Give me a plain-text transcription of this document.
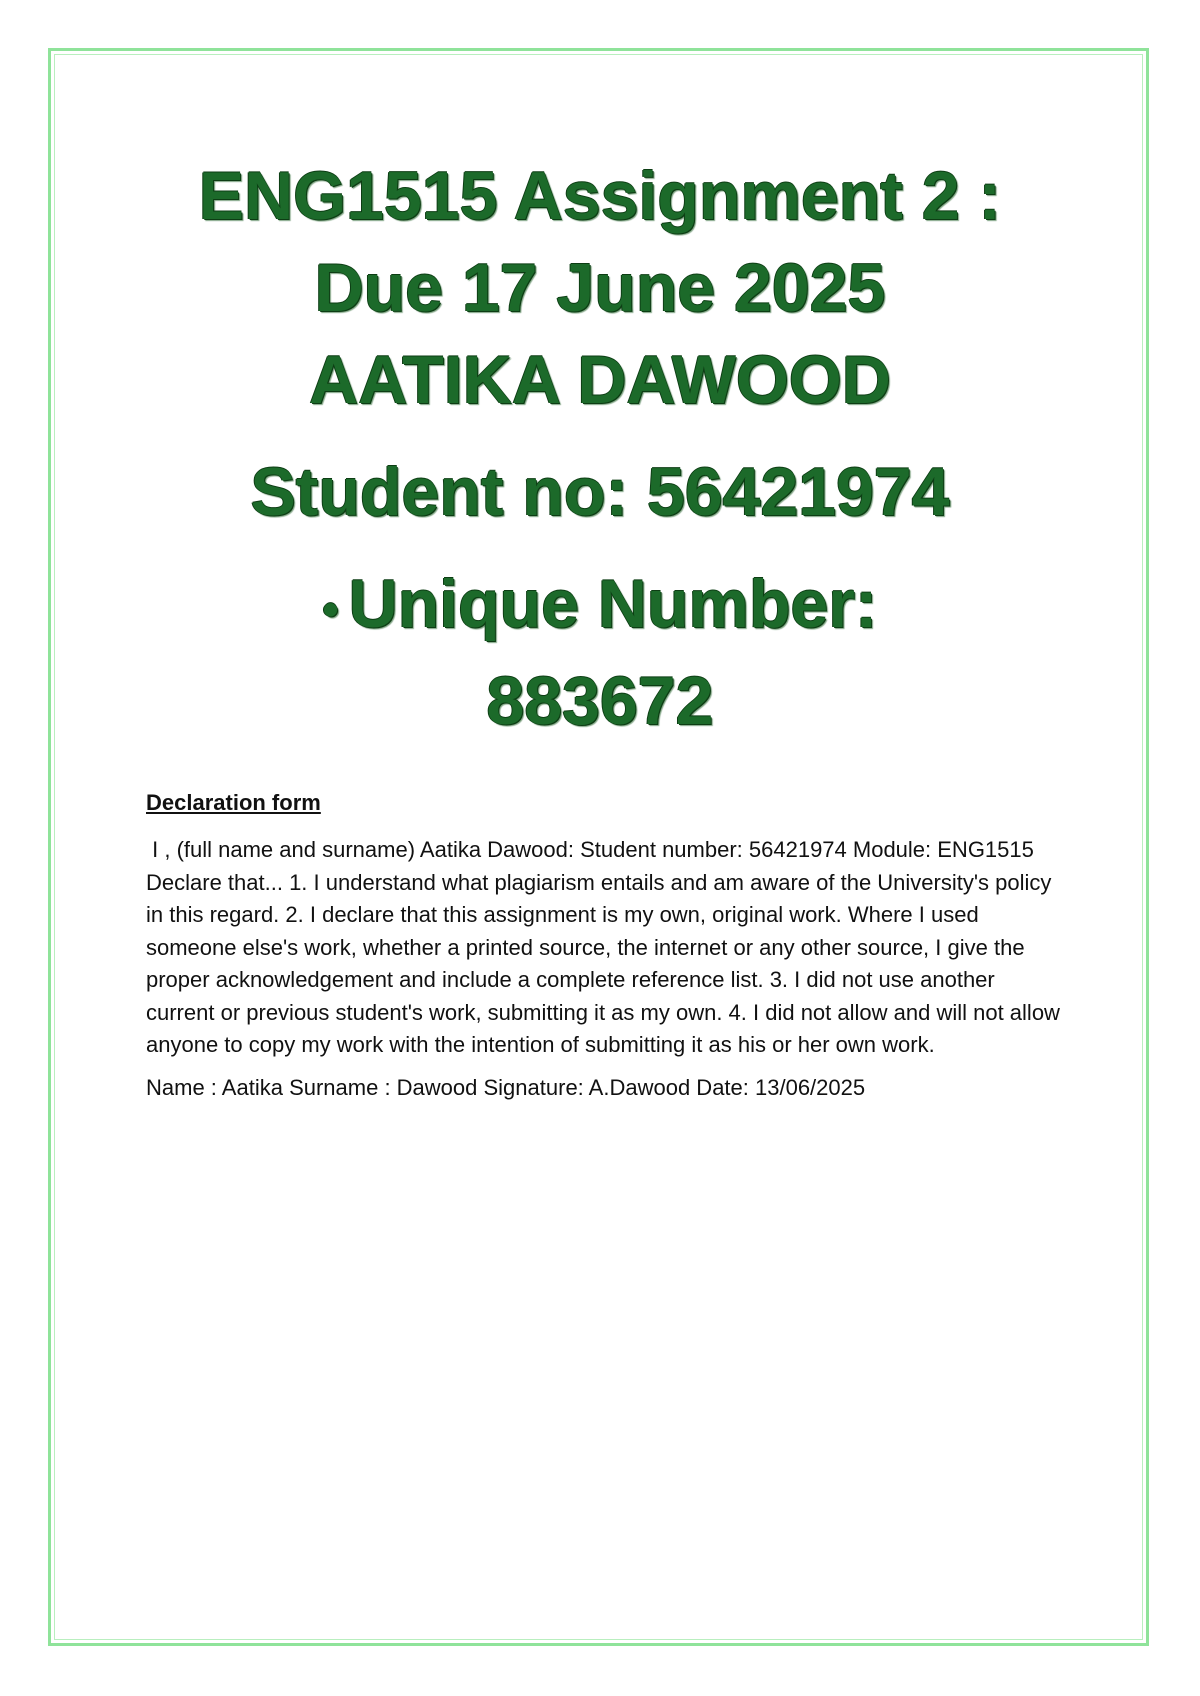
ENG1515 Assignment 2 :
Due 17 June 2025
AATIKA DAWOOD
Student no: 56421974
• Unique Number:
883672

Declaration form

I , (full name and surname) Aatika Dawood: Student number: 56421974 Module: ENG1515  Declare that... 1. I understand what plagiarism entails and am aware of the University's policy in this regard. 2. I declare that this assignment is my own, original work. Where I used someone else's work, whether a printed source, the internet or any other source, I give the proper acknowledgement and include a complete reference list. 3. I did not use another current or previous student's work, submitting it as my own. 4. I did not allow and will not allow anyone to copy my work with the intention of submitting it as his or her own work.

Name : Aatika Surname : Dawood Signature: A.Dawood Date: 13/06/2025
